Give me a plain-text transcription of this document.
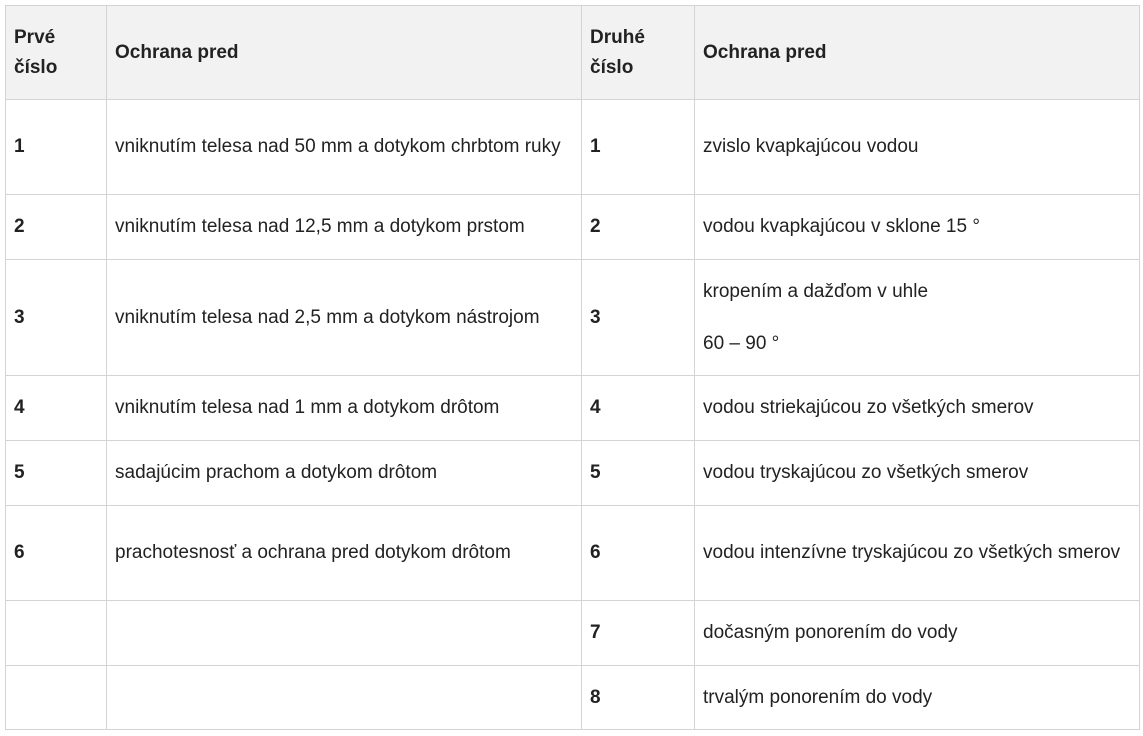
Prvé číslo	Ochrana pred	Druhé číslo	Ochrana pred
1	vniknutím telesa nad 50 mm a dotykom chrbtom ruky	1	zvislo kvapkajúcou vodou
2	vniknutím telesa nad 12,5 mm a dotykom prstom	2	vodou kvapkajúcou v sklone 15 °
3	vniknutím telesa nad 2,5 mm a dotykom nástrojom	3	kropením a dažďom v uhle
60 – 90 °

4	vniknutím telesa nad 1 mm a dotykom drôtom	4	vodou striekajúcou zo všetkých smerov
5	sadajúcim prachom a dotykom drôtom	5	vodou tryskajúcou zo všetkých smerov
6	prachotesnosť a ochrana pred dotykom drôtom	6	vodou intenzívne tryskajúcou zo všetkých smerov
		7	dočasným ponorením do vody
		8	trvalým ponorením do vody
